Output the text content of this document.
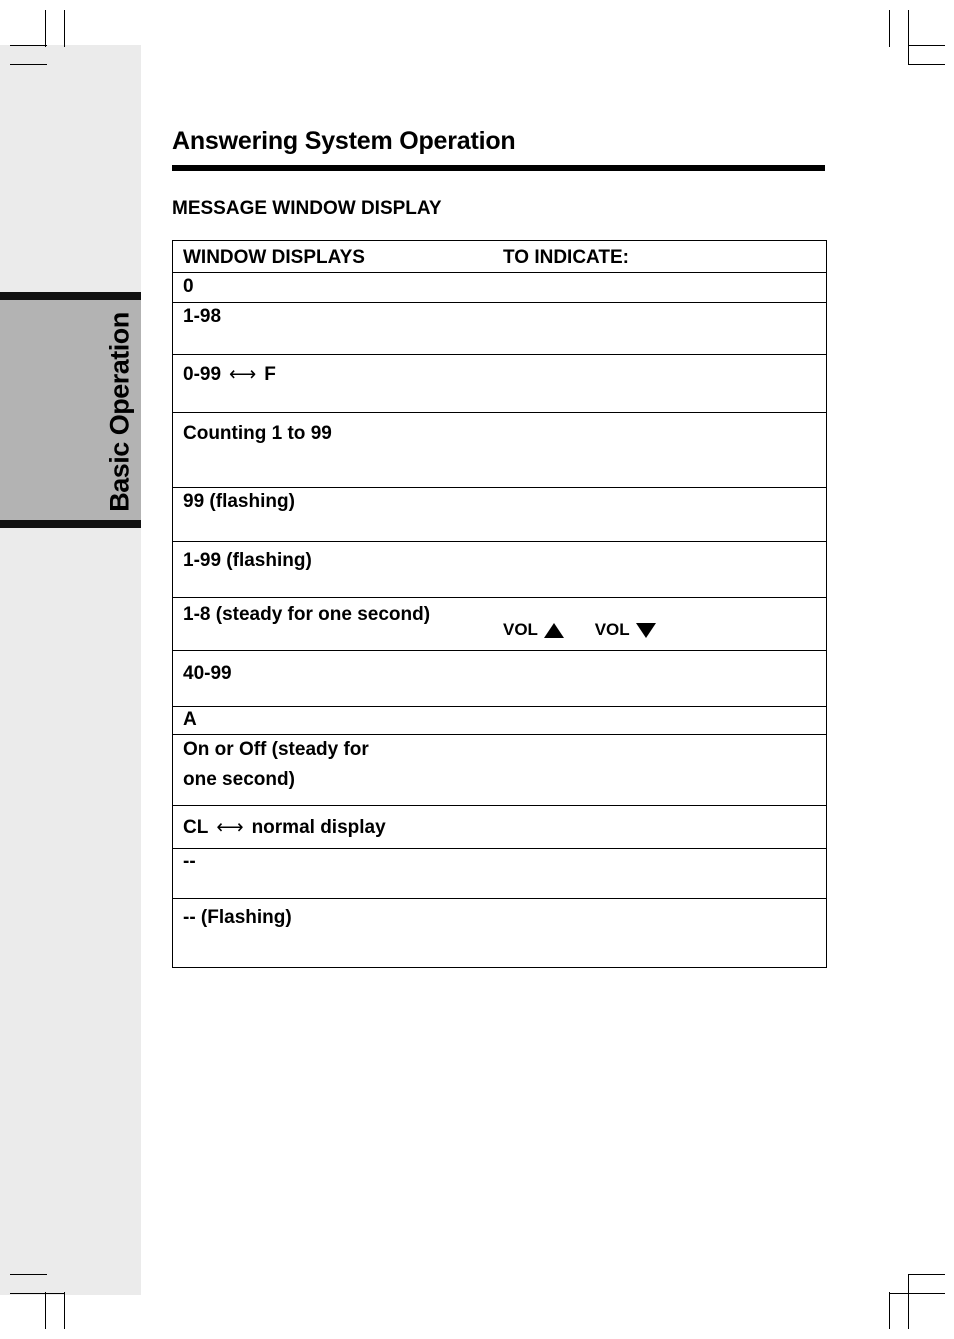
Basic Operation
Answering System Operation
MESSAGE WINDOW DISPLAY
WINDOW DISPLAYS	TO INDICATE:
0
1-98
0-99 ⟷ F
Counting 1 to 99
99 (flashing)
1-99 (flashing)
1-8 (steady for one second)
VOL	VOL
40-99
A
On or Off (steady for
one second)
CL ⟷ normal display
--
-- (Flashing)
